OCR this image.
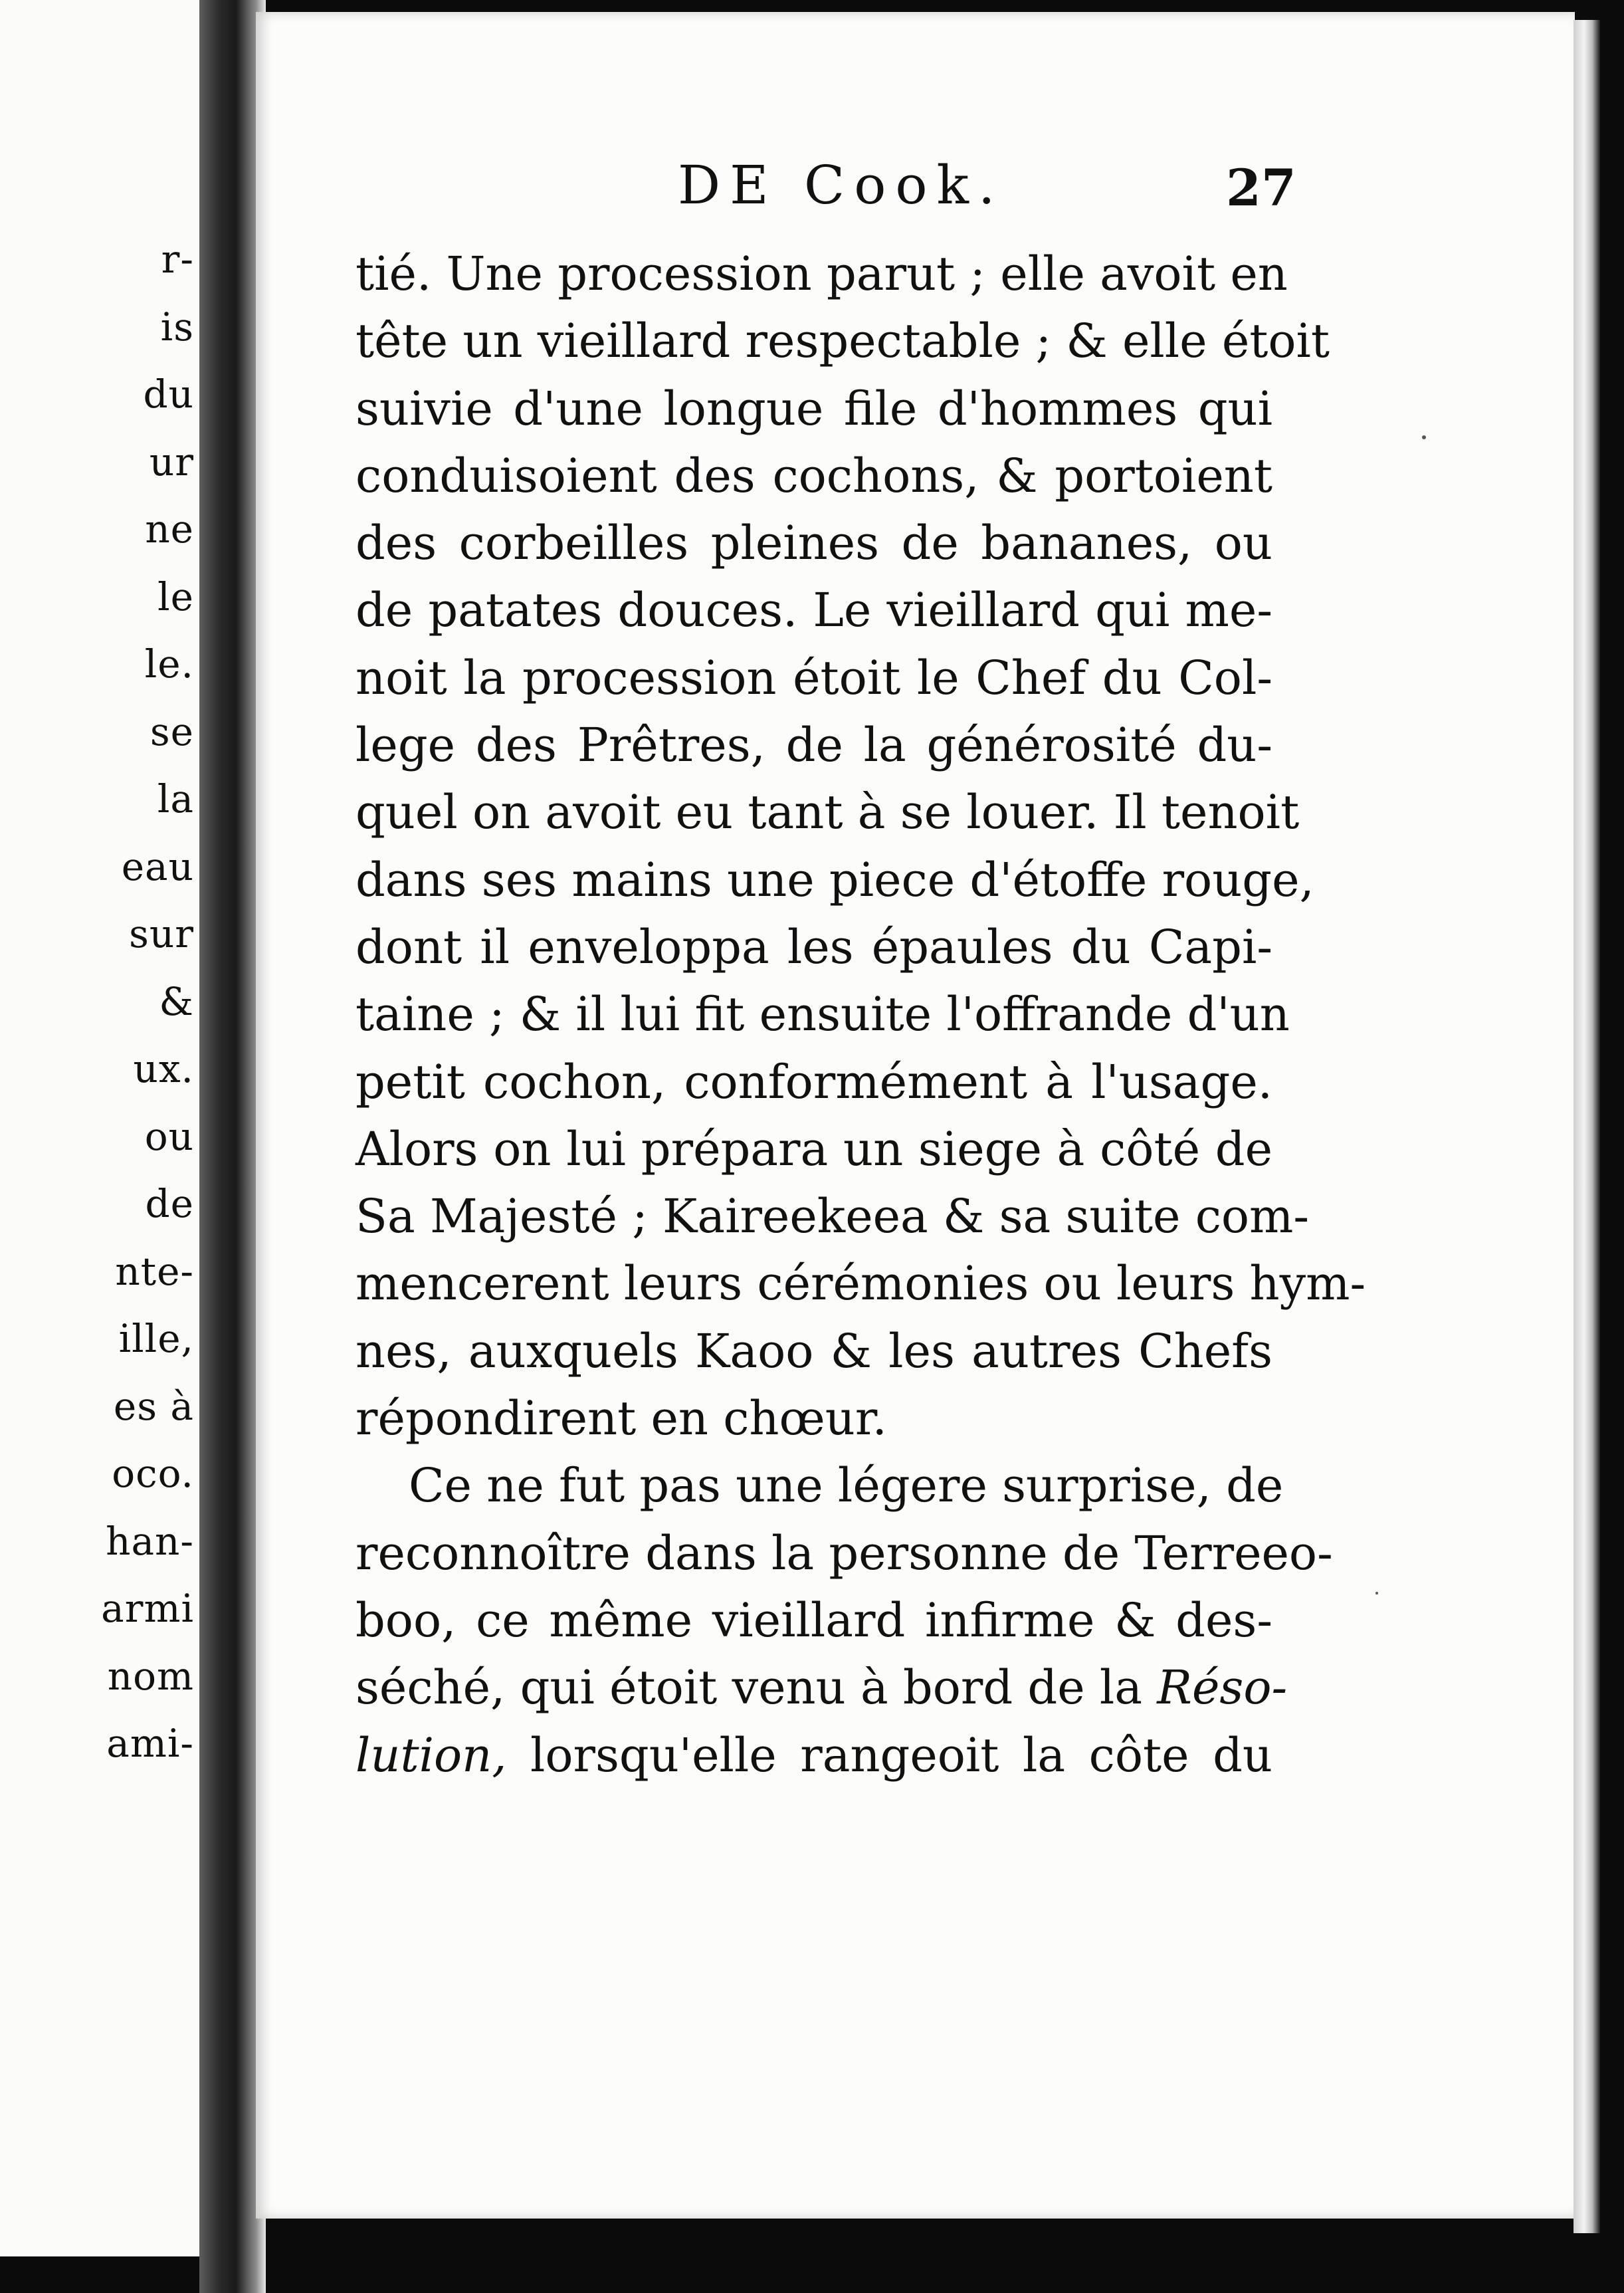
r-
is
du
ur
ne
le
le.
se
la
eau
sur
&
ux.
ou
de
nte-
ille,
es à
oco.
han-
armi
nom
ami-
DE Cook.	27
tié. Une procession parut ; elle avoit en
tête un vieillard respectable ; & elle étoit
suivie d'une longue file d'hommes qui
conduisoient des cochons, & portoient
des corbeilles pleines de bananes, ou
de patates douces. Le vieillard qui me-
noit la procession étoit le Chef du Col-
lege des Prêtres, de la générosité du-
quel on avoit eu tant à se louer. Il tenoit
dans ses mains une piece d'étoffe rouge,
dont il enveloppa les épaules du Capi-
taine ; & il lui fit ensuite l'offrande d'un
petit cochon, conformément à l'usage.
Alors on lui prépara un siege à côté de
Sa Majesté ; Kaireekeea & sa suite com-
mencerent leurs cérémonies ou leurs hym-
nes, auxquels Kaoo & les autres Chefs
répondirent en chœur.
Ce ne fut pas une légere surprise, de
reconnoître dans la personne de Terreeo-
boo, ce même vieillard infirme & des-
séché, qui étoit venu à bord de la Réso-
lution, lorsqu'elle rangeoit la côte du
